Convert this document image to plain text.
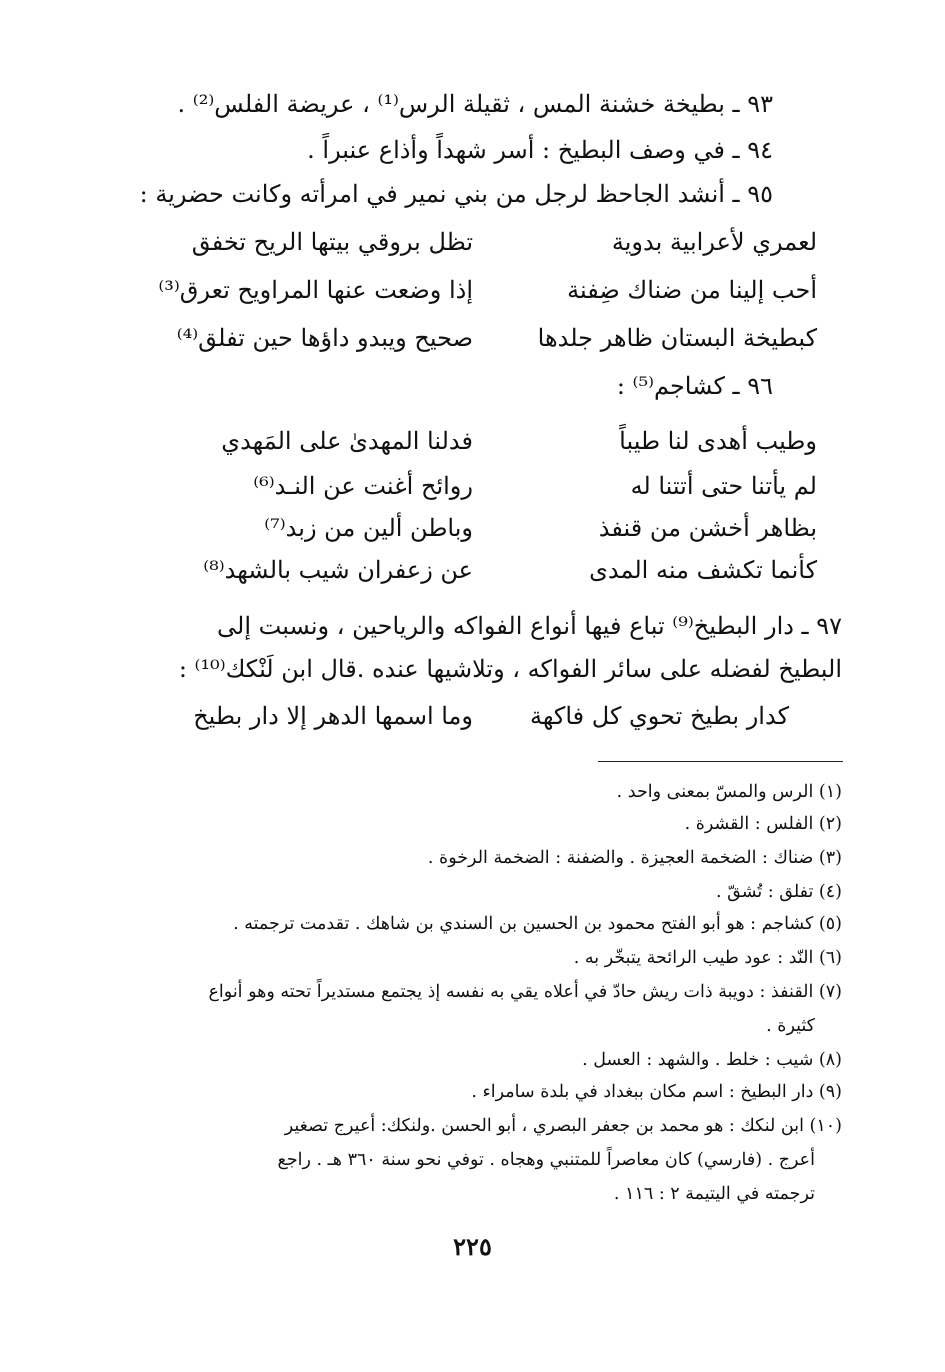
٩٣ ـ بطيخة خشنة المس ، ثقيلة الرس⁽¹⁾ ، عريضة الفلس⁽²⁾ .
٩٤ ـ في وصف البطيخ : أسر شهداً وأذاع عنبراً .
٩٥ ـ أنشد الجاحظ لرجل من بني نمير في امرأته وكانت حضرية :
لعمري لأعرابية بدوية
تظل بروقي بيتها الريح تخفق
أحب إلينا من ضناك ضِفنة
إذا وضعت عنها المراويح تعرق⁽³⁾
كبطيخة البستان ظاهر جلدها
صحيح ويبدو داؤها حين تفلق⁽⁴⁾
٩٦ ـ كشاجم⁽⁵⁾ :
وطيب أهدى لنا طيباً
فدلنا المهدىٰ على المَهدي
لم يأتنا حتى أتتنا له
روائح أغنت عن النـد⁽⁶⁾
بظاهر أخشن من قنفذ
وباطن ألين من زبد⁽⁷⁾
كأنما تكشف منه المدى
عن زعفران شيب بالشهد⁽⁸⁾
٩٧ ـ دار البطيخ⁽⁹⁾ تباع فيها أنواع الفواكه والرياحين ، ونسبت إلى
البطيخ لفضله على سائر الفواكه ، وتلاشيها عنده .قال ابن لَنْكك⁽¹⁰⁾ :
كدار بطيخ تحوي كل فاكهة
وما اسمها الدهر إلا دار بطيخ
(١) الرس والمسّ بمعنى واحد .
(٢) الفلس : القشرة .
(٣) ضناك : الضخمة العجيزة . والضفنة : الضخمة الرخوة .
(٤) تفلق : تُشقّ .
(٥) كشاجم : هو أبو الفتح محمود بن الحسين بن السندي بن شاهك . تقدمت ترجمته .
(٦) النّد : عود طيب الرائحة يتبخّر به .
(٧) القنفذ : دويبة ذات ريش حادّ في أعلاه يقي به نفسه إذ يجتمع مستديراً تحته وهو أنواع
كثيرة .
(٨) شيب : خلط . والشهد : العسل .
(٩) دار البطيخ : اسم مكان ببغداد في بلدة سامراء .
(١٠) ابن لنكك : هو محمد بن جعفر البصري ، أبو الحسن .ولنكك: أعيرج تصغير
أعرج . (فارسي) كان معاصراً للمتنبي وهجاه . توفي نحو سنة ٣٦٠ هـ . راجع
ترجمته في اليتيمة ٢ : ١١٦ .
٢٢٥
